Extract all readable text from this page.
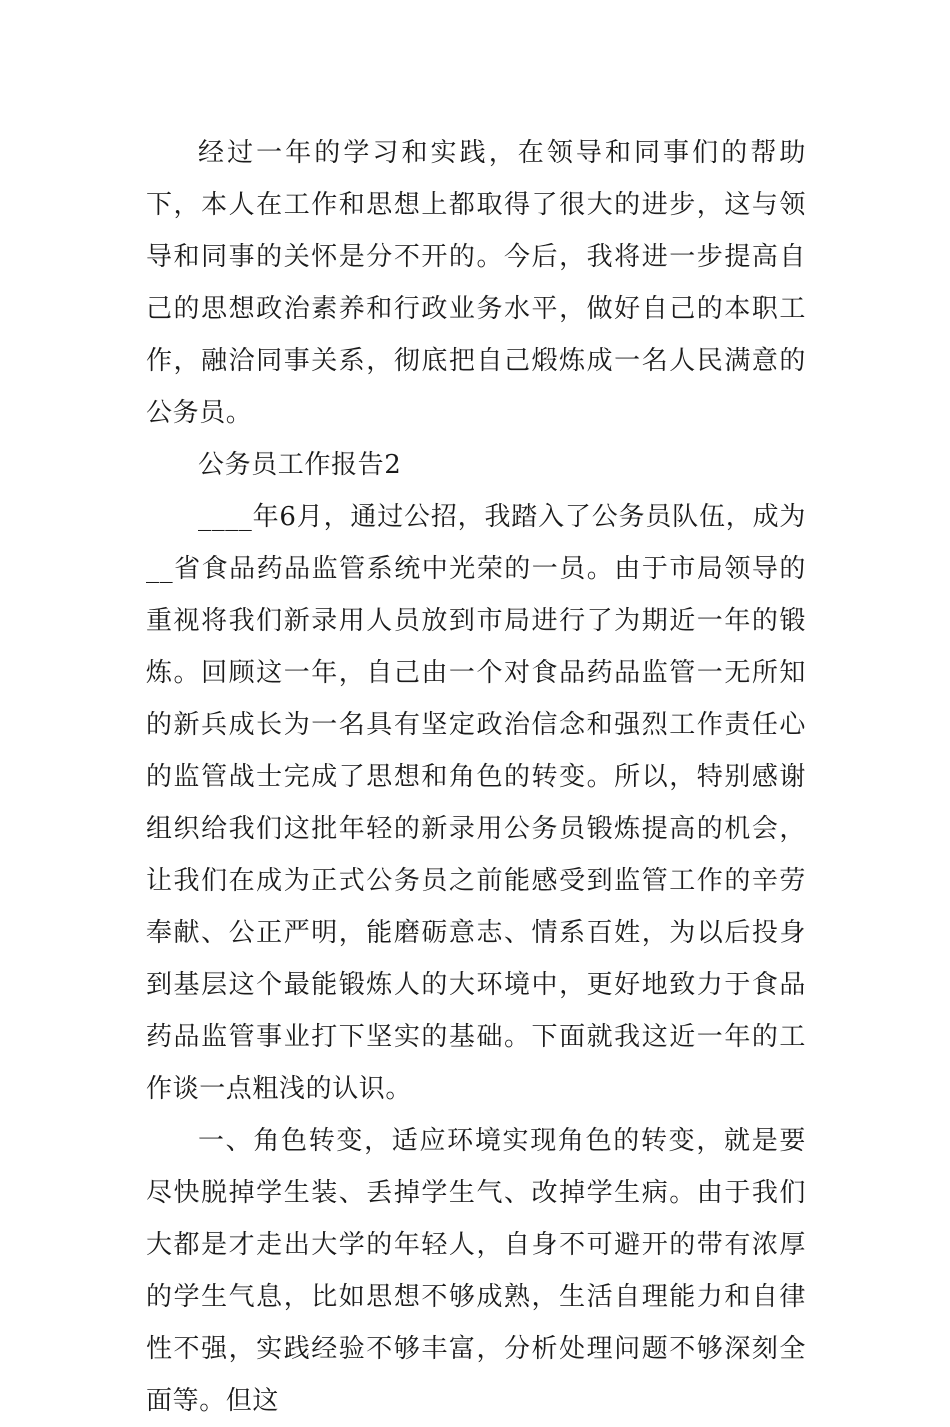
经过一年的学习和实践，在领导和同事们的帮助下，本人在工作和思想上都取得了很大的进步，这与领导和同事的关怀是分不开的。今后，我将进一步提高自己的思想政治素养和行政业务水平，做好自己的本职工作，融洽同事关系，彻底把自己煅炼成一名人民满意的公务员。

公务员工作报告2

____年6月，通过公招，我踏入了公务员队伍，成为__省食品药品监管系统中光荣的一员。由于市局领导的重视将我们新录用人员放到市局进行了为期近一年的锻炼。回顾这一年，自己由一个对食品药品监管一无所知的新兵成长为一名具有坚定政治信念和强烈工作责任心的监管战士完成了思想和角色的转变。所以，特别感谢组织给我们这批年轻的新录用公务员锻炼提高的机会，让我们在成为正式公务员之前能感受到监管工作的辛劳奉献、公正严明，能磨砺意志、情系百姓，为以后投身到基层这个最能锻炼人的大环境中，更好地致力于食品药品监管事业打下坚实的基础。下面就我这近一年的工作谈一点粗浅的认识。

一、角色转变，适应环境实现角色的转变，就是要尽快脱掉学生装、丢掉学生气、改掉学生病。由于我们大都是才走出大学的年轻人，自身不可避开的带有浓厚的学生气息，比如思想不够成熟，生活自理能力和自律性不强，实践经验不够丰富，分析处理问题不够深刻全面等。但这
